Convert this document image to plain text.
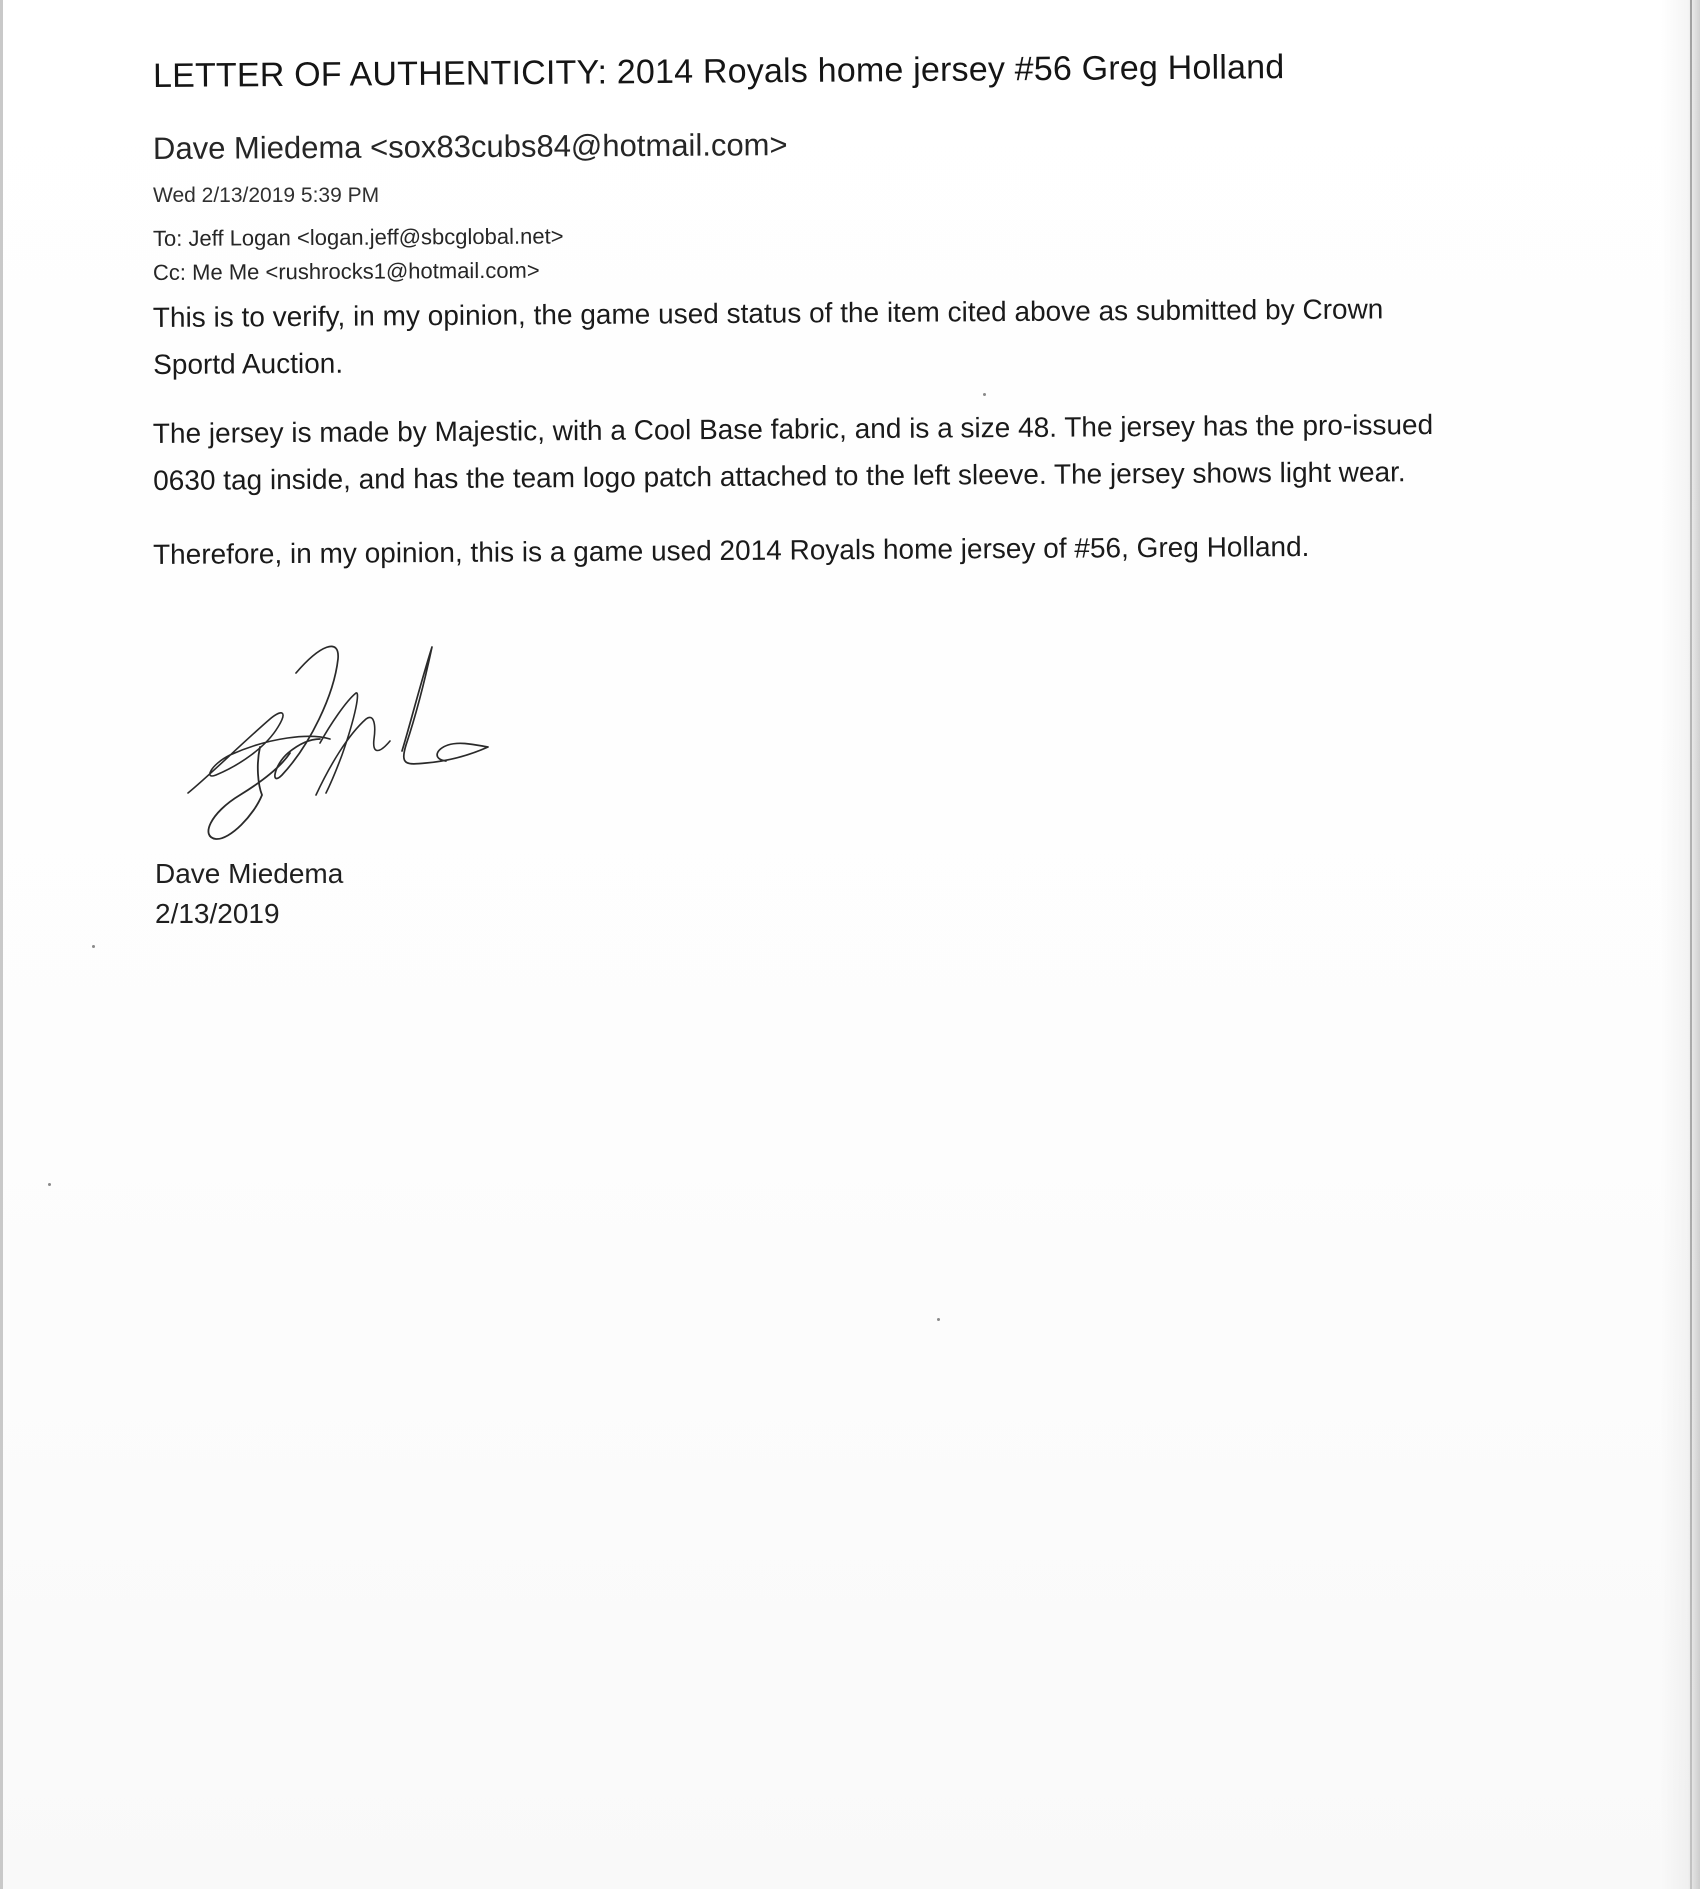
LETTER OF AUTHENTICITY: 2014 Royals home jersey #56 Greg Holland
Dave Miedema <sox83cubs84@hotmail.com>
Wed 2/13/2019 5:39 PM
To: Jeff Logan <logan.jeff@sbcglobal.net>
Cc: Me Me <rushrocks1@hotmail.com>
This is to verify, in my opinion, the game used status of the item cited above as submitted by Crown
Sportd Auction.
The jersey is made by Majestic, with a Cool Base fabric, and is a size 48. The jersey has the pro-issued
0630 tag inside, and has the team logo patch attached to the left sleeve. The jersey shows light wear.
Therefore, in my opinion, this is a game used 2014 Royals home jersey of #56, Greg Holland.
Dave Miedema
2/13/2019
